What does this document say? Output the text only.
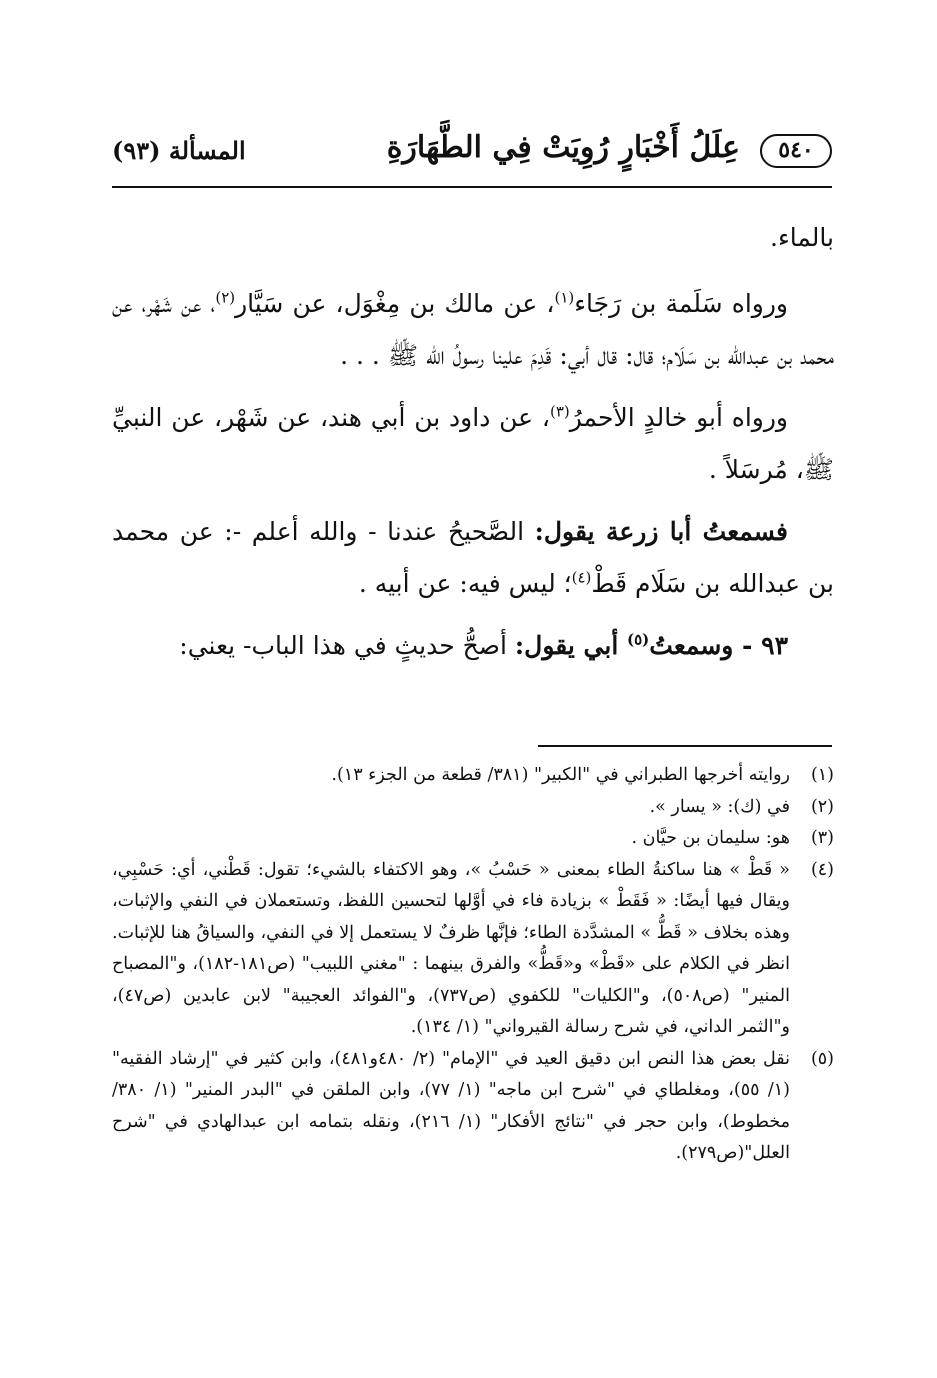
٥٤٠
عِلَلُ أَخْبَارٍ رُوِيَتْ فِي الطَّهَارَةِ
المسألة (٩٣)

بالماء.

ورواه سَلَمة بن رَجَاء$^{(١)}$، عن مالك بن مِغْوَل، عن سَيَّار$^{(٢)}$، عن شَهْر، عن محمد بن عبدالله بن سَلَام؛ قال: قال أبي: قَدِمَ علينا رسولُ الله ﷺ . . .

ورواه أبو خالدٍ الأحمرُ$^{(٣)}$، عن داود بن أبي هند، عن شَهْر، عن النبيِّ ﷺ، مُرسَلاً .

فسمعتُ أبا زرعة يقول: الصَّحيحُ عندنا - والله أعلم -: عن محمد بن عبدالله بن سَلَام قَطْ$^{(٤)}$؛ ليس فيه: عن أبيه .

٩٣ - وسمعتُ$^{(٥)}$ أبي يقول: أصحُّ حديثٍ في هذا الباب- يعني:

(١)
روايته أخرجها الطبراني في "الكبير" (٣٨١/ قطعة من الجزء ١٣).
(٢)
في (ك): « يسار ».
(٣)
هو: سليمان بن حيَّان .
(٤)
« قَطْ » هنا ساكنةُ الطاء بمعنى « حَسْبُ »، وهو الاكتفاء بالشيء؛ تقول: قَطْني، أي: حَسْبِي، ويقال فيها أيضًا: « فَقَطْ » بزيادة فاء في أوَّلها لتحسين اللفظ، وتستعملان في النفي والإثبات، وهذه بخلاف « قَطُّ » المشدَّدة الطاء؛ فإنَّها ظرفٌ لا يستعمل إلا في النفي، والسياقُ هنا للإثبات. انظر في الكلام على «قَطْ» و«قَطُّ» والفرق بينهما : "مغني اللبيب" (ص١٨١-١٨٢)، و"المصباح المنير" (ص٥٠٨)، و"الكليات" للكفوي (ص٧٣٧)، و"الفوائد العجيبة" لابن عابدين (ص٤٧)، و"الثمر الداني، في شرح رسالة القيرواني" (١/ ١٣٤).
(٥)
نقل بعض هذا النص ابن دقيق العيد في "الإمام" (٢/ ٤٨٠و٤٨١)، وابن كثير في "إرشاد الفقيه" (١/ ٥٥)، ومغلطاي في "شرح ابن ماجه" (١/ ٧٧)، وابن الملقن في "البدر المنير" (١/ ٣٨٠/مخطوط)، وابن حجر في "نتائج الأفكار" (١/ ٢١٦)، ونقله بتمامه ابن عبدالهادي في "شرح العلل"(ص٢٧٩).
